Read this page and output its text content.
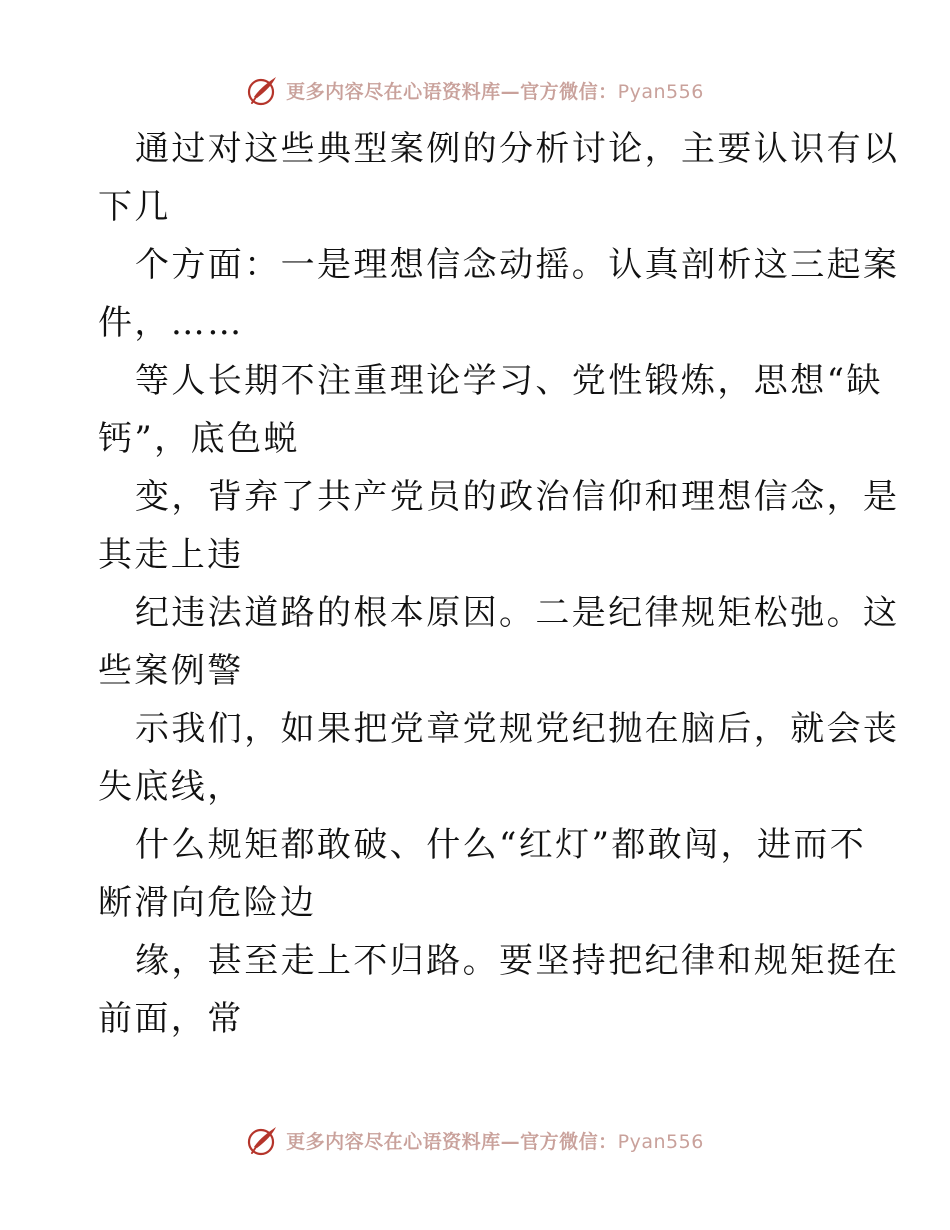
更多内容尽在心语资料库—官方微信：Pyan556
通过对这些典型案例的分析讨论，主要认识有以
下几
个方面：一是理想信念动摇。认真剖析这三起案
件，……
等人长期不注重理论学习、党性锻炼，思想“缺
钙”，底色蜕
变，背弃了共产党员的政治信仰和理想信念，是
其走上违
纪违法道路的根本原因。二是纪律规矩松弛。这
些案例警
示我们，如果把党章党规党纪抛在脑后，就会丧
失底线，
什么规矩都敢破、什么“红灯”都敢闯，进而不
断滑向危险边
缘，甚至走上不归路。要坚持把纪律和规矩挺在
前面，常
更多内容尽在心语资料库—官方微信：Pyan556
